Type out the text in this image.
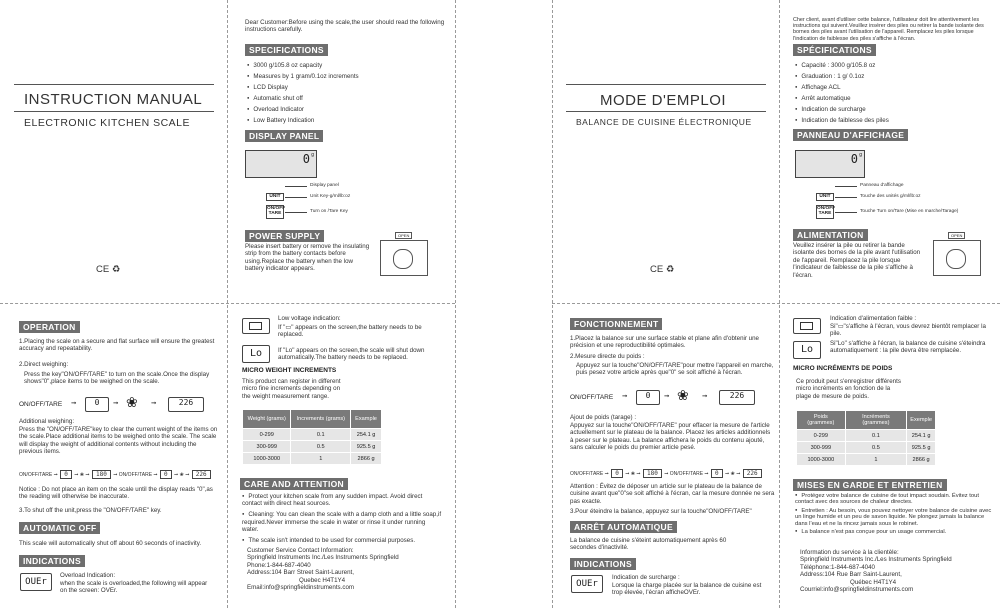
INSTRUCTION MANUAL
ELECTRONIC KITCHEN SCALE
CE ♻
Dear Customer:Before using the scale,the user should read the following instructions carefully.
SPECIFICATIONS
● 3000 g/105.8 oz capacity
● Measures by 1 gram/0.1oz increments
● LCD Display
● Automatic shut off
● Overload Indicator
● Low Battery Indication
DISPLAY PANEL
0 g
UNIT
ON/OFF TARE
Display panel
Unit Key-g/ml/lb:oz
Turn on /Tare Key
POWER SUPPLY
Please insert battery or remove the insulating strip from the battery contacts before using.Replace the battery when the low battery indicator appears.
OPEN
OPERATION
1.Placing the scale on a secure and flat surface will ensure the greatest accuracy and repeatability.
2.Direct weighing:
Press the key"ON/OFF/TARE" to turn on the scale.Once the display shows"0",place items to be weighed on the scale.
ON/OFF/TARE ➞	0	➞ ❀ ➞	226
Additional weighing:
Press the "ON/OFF/TARE"key to clear the current weight of the items on the scale.Place additional items to be weighed onto the scale. The scale will display the weight of additional contents without including the previous items.
ON/OFF/TARE ➞ 0 ➞ ❀ ➞ 180 ➞ ON/OFF/TARE ➞ 0 ➞ ❀ ➞ 226
Notice : Do not place an item on the scale until the display reads "0",as the reading will otherwise be inaccurate.
3.To shut off the unit,press the "ON/OFF/TARE" key.
AUTOMATIC OFF
This scale will automatically shut off about 60 seconds of inactivity.
INDICATIONS
OUEr
Overload Indication:
when the scale is overloaded,the following will appear on the screen: OVEr.
Low voltage indication:
If "▭" appears on the screen,the battery needs to be replaced.
Lo	If "Lo" appears on the screen,the scale will shut down automatically.The battery needs to be replaced.
MICRO WEIGHT INCREMENTS
This product can register in different micro fine increments depending on the weight measurement range.
Weight (grams)	Increments (grams)	Example
0-299	0.1	254.1 g
300-999	0.5	925.5 g
1000-3000	1	2866 g
CARE AND ATTENTION
● Protect your kitchen scale from any sudden impact. Avoid direct contact with direct heat sources.
● Cleaning: You can clean the scale with a damp cloth and a little soap,if required.Never immerse the scale in water or rinse it under running water.
● The scale isn't intended to be used for commercial purposes.

Customer Service Contact Information:

Springfield Instruments Inc./Les Instruments Springfield

Phone:1-844-687-4040

Address:104 Barr Street Saint-Laurent,

Quebec H4T1Y4

Email:info@springfieldinstruments.com

Cher client, avant d'utiliser cette balance, l'utilisateur doit lire attentivement les instructions qui suivent.Veuillez insérer des piles ou retirer la bande isolante des bornes des piles avant l'utilisation de l'appareil. Remplacez les piles lorsque l'indication de faiblesse des piles s'affiche à l'écran.
SPÉCIFICATIONS
● Capacité : 3000 g/105.8 oz
● Graduation : 1 g/ 0.1oz
● Affichage ACL
● Arrêt automatique
● Indication de surcharge
● Indication de faiblesse des piles
PANNEAU D'AFFICHAGE
0 g
UNIT
ON/OFF TARE
Panneau d'affichage
Touche des unités g/ml/lb:oz
Touche Turn on/Tare (Mise en marche/Tarage)
ALIMENTATION
Veuillez insérer la pile ou retirer la bande isolante des bornes de la pile avant l'utilisation de l'appareil. Remplacez la pile lorsque l'indicateur de faiblesse de la pile s'affiche à l'écran.
OPEN
MODE D'EMPLOI
BALANCE DE CUISINE ÉLECTRONIQUE
CE ♻
FONCTIONNEMENT
1.Placez la balance sur une surface stable et plane afin d'obtenir une précision et une reproductibilité optimales.
2.Mesure directe du poids :
Appuyez sur la touche"ON/OFF/TARE"pour mettre l'appareil en marche, puis pesez votre article après que"0" se soit affiché à l'écran.
ON/OFF/TARE ➞	0	➞ ❀ ➞	226
Ajout de poids (tarage) :
Appuyez sur la touche"ON/OFF/TARE" pour effacer la mesure de l'article actuellement sur le plateau de la balance. Placez les articles additionnels à peser sur le plateau. La balance affichera le poids du contenu ajouté, sans calculer le poids du premier article pesé.
ON/OFF/TARE ➞ 0 ➞ ❀ ➞ 180 ➞ ON/OFF/TARE ➞ 0 ➞ ❀ ➞ 226
Attention : Évitez de déposer un article sur le plateau de la balance de cuisine avant que"0"se soit affiché à l'écran, car la mesure donnée ne sera pas exacte.
3.Pour éteindre la balance, appuyez sur la touche"ON/OFF/TARE"
ARRÊT AUTOMATIQUE
La balance de cuisine s'éteint automatiquement après 60 secondes d'inactivité.
INDICATIONS
OUEr
Indication de surcharge :
Lorsque la charge placée sur la balance de cuisine est trop élevée, l'écran afficheOVEr.
Indication d'alimentation faible :
Si"▭"s'affiche à l'écran, vous devrez bientôt remplacer la pile.
Lo
Si"Lo" s'affiche à l'écran, la balance de cuisine s'éteindra automatiquement : la pile devra être remplacée.
MICRO INCRÉMENTS DE POIDS
Ce produit peut s'enregistrer différents micro incréments en fonction de la plage de mesure de poids.
Poids (grammes)	Incréments (grammes)	Exemple
0-299	0.1	254.1 g
300-999	0.5	925.5 g
1000-3000	1	2866 g
MISES EN GARDE ET ENTRETIEN
● Protégez votre balance de cuisine de tout impact soudain. Évitez tout contact avec des sources de chaleur directes.
● Entretien : Au besoin, vous pouvez nettoyer votre balance de cuisine avec un linge humide et un peu de savon liquide. Ne plongez jamais la balance dans l'eau et ne la rincez jamais sous le robinet.
● La balance n'est pas conçue pour un usage commercial.

Information du service à la clientèle:

Springfield Instruments Inc./Les Instruments Springfield

Téléphone:1-844-687-4040

Address:104 Rue Barr Saint-Laurent,

Québec H4T1Y4

Courriel:info@springfieldinstruments.com
